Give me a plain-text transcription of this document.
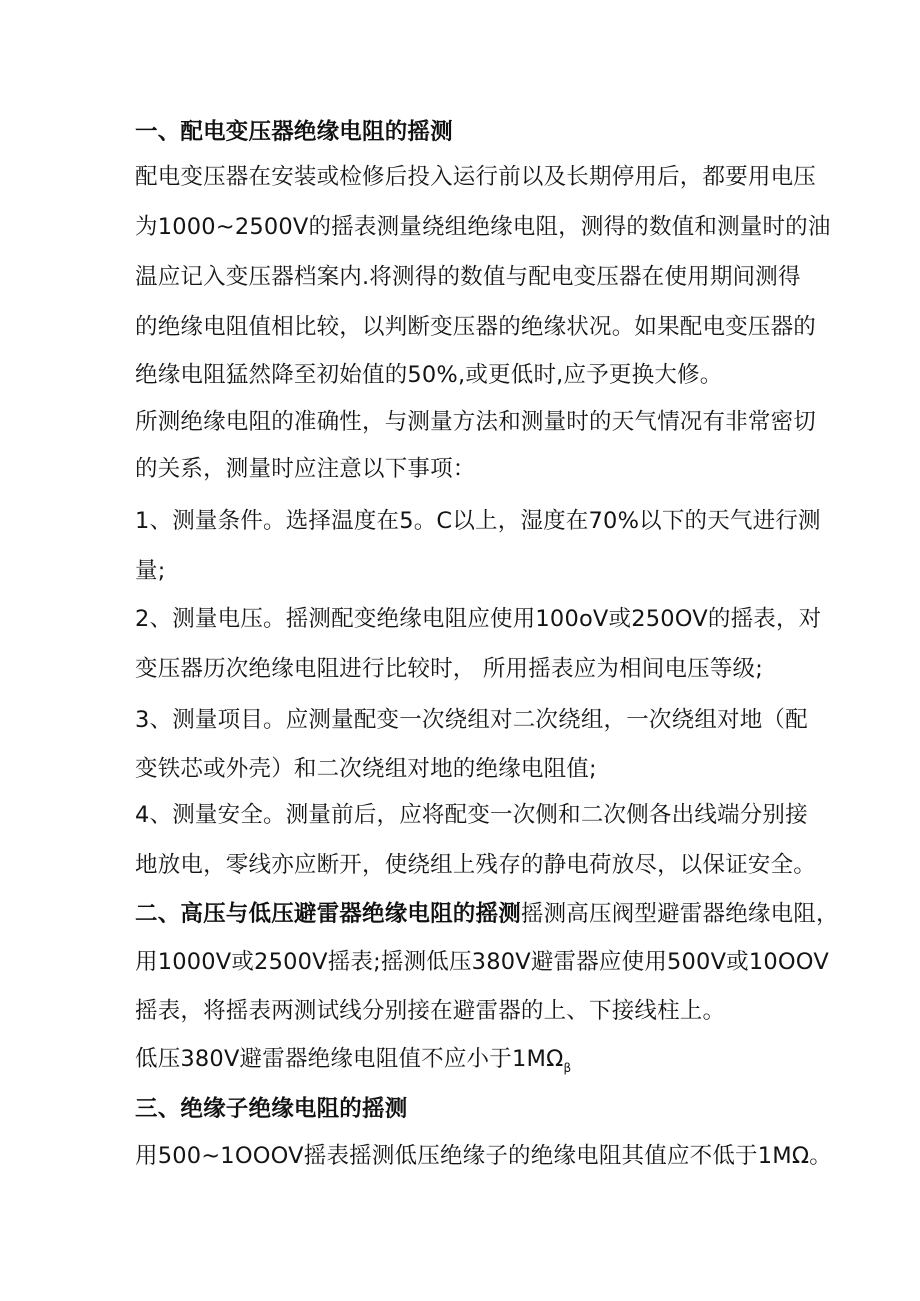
一、配电变压器绝缘电阻的摇测
配电变压器在安装或检修后投入运行前以及长期停用后，都要用电压
为1000~2500V的摇表测量绕组绝缘电阻，测得的数值和测量时的油
温应记入变压器档案内.将测得的数值与配电变压器在使用期间测得
的绝缘电阻值相比较，以判断变压器的绝缘状况。如果配电变压器的
绝缘电阻猛然降至初始值的50%,或更低时,应予更换大修。
所测绝缘电阻的准确性，与测量方法和测量时的天气情况有非常密切
的关系，测量时应注意以下事项：
1、测量条件。选择温度在5。C以上，湿度在70%以下的天气进行测
量;
2、测量电压。摇测配变绝缘电阻应使用100oV或250OV的摇表，对
变压器历次绝缘电阻进行比较时， 所用摇表应为相间电压等级;
3、测量项目。应测量配变一次绕组对二次绕组，一次绕组对地（配
变铁芯或外壳）和二次绕组对地的绝缘电阻值;
4、测量安全。测量前后，应将配变一次侧和二次侧各出线端分别接
地放电，零线亦应断开，使绕组上残存的静电荷放尽，以保证安全。
二、高压与低压避雷器绝缘电阻的摇测摇测高压阀型避雷器绝缘电阻，
用1000V或2500V摇表;摇测低压380V避雷器应使用500V或10OOV
摇表，将摇表两测试线分别接在避雷器的上、下接线柱上。
低压380V避雷器绝缘电阻值不应小于$1M\Omega_\beta$
三、绝缘子绝缘电阻的摇测
用500~1OOOV摇表摇测低压绝缘子的绝缘电阻其值应不低于1MΩ。
